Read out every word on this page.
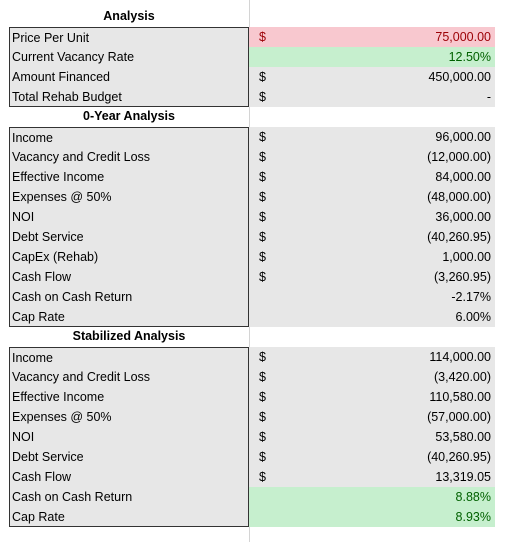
Analysis
Price Per Unit	$	75,000.00
Current Vacancy Rate	12.50%
Amount Financed	$	450,000.00
Total Rehab Budget	$	-
0-Year Analysis
Income	$	96,000.00
Vacancy and Credit Loss	$	(12,000.00)
Effective Income	$	84,000.00
Expenses @ 50%	$	(48,000.00)
NOI	$	36,000.00
Debt Service	$	(40,260.95)
CapEx (Rehab)	$	1,000.00
Cash Flow	$	(3,260.95)
Cash on Cash Return	-2.17%
Cap Rate	6.00%
Stabilized Analysis
Income	$	114,000.00
Vacancy and Credit Loss	$	(3,420.00)
Effective Income	$	110,580.00
Expenses @ 50%	$	(57,000.00)
NOI	$	53,580.00
Debt Service	$	(40,260.95)
Cash Flow	$	13,319.05
Cash on Cash Return	8.88%
Cap Rate	8.93%
